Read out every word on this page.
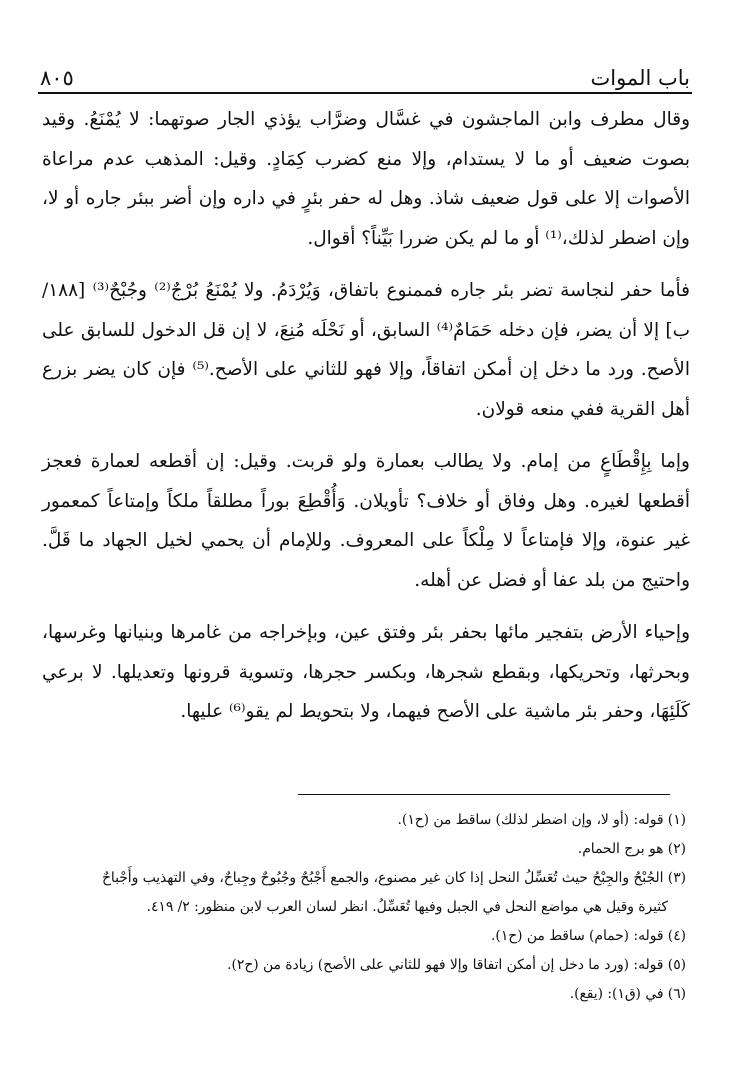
باب الموات
٨٠٥

وقال مطرف وابن الماجشون في غسَّال وضرَّاب يؤذي الجار صوتهما: لا يُمْنَعُ. وقيد بصوت ضعيف أو ما لا يستدام، وإلا منع كضرب كِمَادٍ. وقيل: المذهب عدم مراعاة الأصوات إلا على قول ضعيف شاذ. وهل له حفر بئرٍ في داره وإن أضر ببئر جاره أو لا، وإن اضطر لذلك،⁽¹⁾ أو ما لم يكن ضررا بَيِّناً؟ أقوال.

فأما حفر لنجاسة تضر بئر جاره فممنوع باتفاق، وَيُرْدَمُ. ولا يُمْنَعُ بُرْجٌ⁽²⁾ وجُبْحٌ⁽³⁾ [١٨٨/ب] إلا أن يضر، فإن دخله حَمَامٌ⁽⁴⁾ السابق، أو نَحْلَه مُنِعَ، لا إن قل الدخول للسابق على الأصح. ورد ما دخل إن أمكن اتفاقاً، وإلا فهو للثاني على الأصح.⁽⁵⁾ فإن كان يضر بزرع أهل القرية ففي منعه قولان.

وإما بِإِقْطَاعٍ من إمام. ولا يطالب بعمارة ولو قربت. وقيل: إن أقطعه لعمارة فعجز أقطعها لغيره. وهل وفاق أو خلاف؟ تأويلان. وَأُقْطِعَ بوراً مطلقاً ملكاً وإمتاعاً كمعمور غير عنوة، وإلا فإمتاعاً لا مِلْكاً على المعروف. وللإمام أن يحمي لخيل الجهاد ما قَلَّ. واحتيج من بلد عفا أو فضل عن أهله.

وإحياء الأرض بتفجير مائها بحفر بئر وفتق عين، وبإخراجه من غامرها وبنيانها وغرسها، وبحرثها، وتحريكها، وبقطع شجرها، وبكسر حجرها، وتسوية قرونها وتعديلها. لا برعي كَلَئِهَا، وحفر بئر ماشية على الأصح فيهما، ولا بتحويط لم يقو⁽⁶⁾ عليها.

(١) قوله: (أو لا، وإن اضطر لذلك) ساقط من (ح١).

(٢) هو برج الحمام.

(٣) الجُبْحُ والجِبْحُ حيث تُعَسِّلُ النحل إذا كان غير مصنوع، والجمع أَجْبُحٌ وجُبُوحٌ وجِباحٌ، وفي التهذيب وأَجْباحٌ

كثيرة وقيل هي مواضع النحل في الجبل وفيها تُعَسِّلُ. انظر لسان العرب لابن منظور: ٢/ ٤١٩.

(٤) قوله: (حمام) ساقط من (ح١).

(٥) قوله: (ورد ما دخل إن أمكن اتفاقا وإلا فهو للثاني على الأصح) زيادة من (ح٢).

(٦) في (ق١): (يقع).
